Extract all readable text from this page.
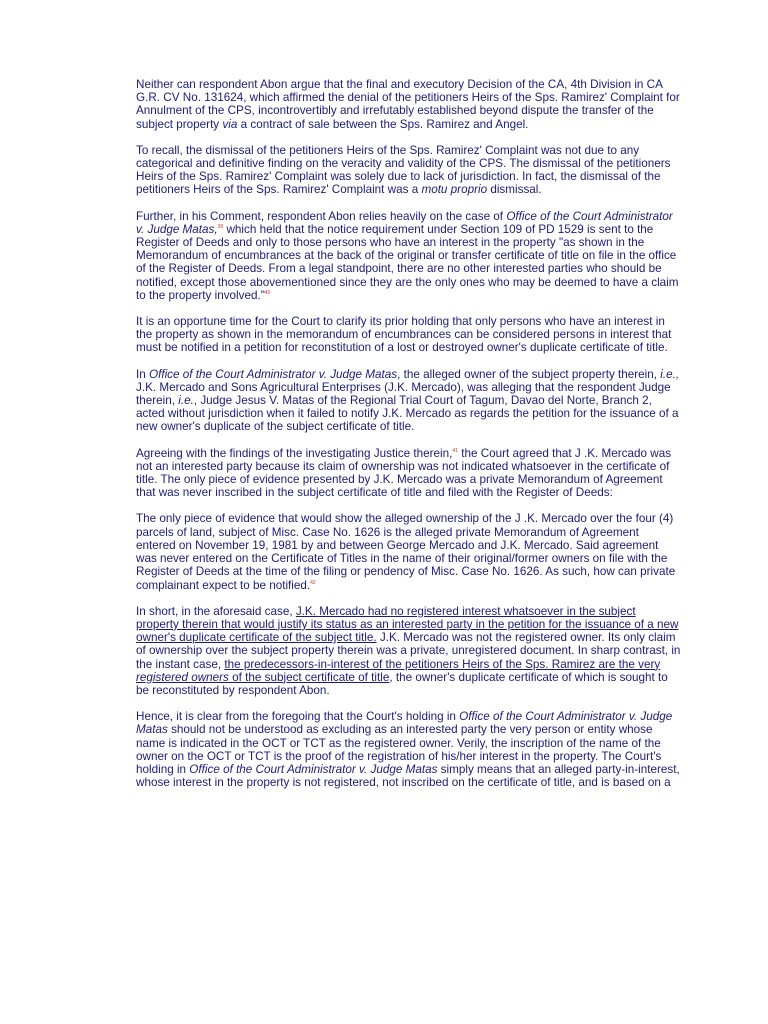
Neither can respondent Abon argue that the final and executory Decision of the CA, 4th Division in CA G.R. CV No. 131624, which affirmed the denial of the petitioners Heirs of the Sps. Ramirez' Complaint for Annulment of the CPS, incontrovertibly and irrefutably established beyond dispute the transfer of the subject property via a contract of sale between the Sps. Ramirez and Angel.

To recall, the dismissal of the petitioners Heirs of the Sps. Ramirez' Complaint was not due to any categorical and definitive finding on the veracity and validity of the CPS. The dismissal of the petitioners Heirs of the Sps. Ramirez' Complaint was solely due to lack of jurisdiction. In fact, the dismissal of the petitioners Heirs of the Sps. Ramirez' Complaint was a motu proprio dismissal.

Further, in his Comment, respondent Abon relies heavily on the case of Office of the Court Administrator v. Judge Matas,$^{39}$ which held that the notice requirement under Section 109 of PD 1529 is sent to the Register of Deeds and only to those persons who have an interest in the property "as shown in the Memorandum of encumbrances at the back of the original or transfer certificate of title on file in the office of the Register of Deeds. From a legal standpoint, there are no other interested parties who should be notified, except those abovementioned since they are the only ones who may be deemed to have a claim to the property involved."$^{40}$

It is an opportune time for the Court to clarify its prior holding that only persons who have an interest in the property as shown in the memorandum of encumbrances can be considered persons in interest that must be notified in a petition for reconstitution of a lost or destroyed owner's duplicate certificate of title.

In Office of the Court Administrator v. Judge Matas, the alleged owner of the subject property therein, i.e., J.K. Mercado and Sons Agricultural Enterprises (J.K. Mercado), was alleging that the respondent Judge therein, i.e., Judge Jesus V. Matas of the Regional Trial Court of Tagum, Davao del Norte, Branch 2, acted without jurisdiction when it failed to notify J.K. Mercado as regards the petition for the issuance of a new owner's duplicate of the subject certificate of title.

Agreeing with the findings of the investigating Justice therein,$^{41}$ the Court agreed that J .K. Mercado was not an interested party because its claim of ownership was not indicated whatsoever in the certificate of title. The only piece of evidence presented by J.K. Mercado was a private Memorandum of Agreement that was never inscribed in the subject certificate of title and filed with the Register of Deeds:

The only piece of evidence that would show the alleged ownership of the J .K. Mercado over the four (4) parcels of land, subject of Misc. Case No. 1626 is the alleged private Memorandum of Agreement entered on November 19, 1981 by and between George Mercado and J.K. Mercado. Said agreement was never entered on the Certificate of Titles in the name of their original/former owners on file with the Register of Deeds at the time of the filing or pendency of Misc. Case No. 1626. As such, how can private complainant expect to be notified.$^{42}$

In short, in the aforesaid case, J.K. Mercado had no registered interest whatsoever in the subject property therein that would justify its status as an interested party in the petition for the issuance of a new owner's duplicate certificate of the subject title. J.K. Mercado was not the registered owner. Its only claim of ownership over the subject property therein was a private, unregistered document. In sharp contrast, in the instant case, the predecessors-in-interest of the petitioners Heirs of the Sps. Ramirez are the very registered owners of the subject certificate of title, the owner's duplicate certificate of which is sought to be reconstituted by respondent Abon.

Hence, it is clear from the foregoing that the Court's holding in Office of the Court Administrator v. Judge Matas should not be understood as excluding as an interested party the very person or entity whose name is indicated in the OCT or TCT as the registered owner. Verily, the inscription of the name of the owner on the OCT or TCT is the proof of the registration of his/her interest in the property. The Court's holding in Office of the Court Administrator v. Judge Matas simply means that an alleged party-in-interest, whose interest in the property is not registered, not inscribed on the certificate of title, and is based on a
